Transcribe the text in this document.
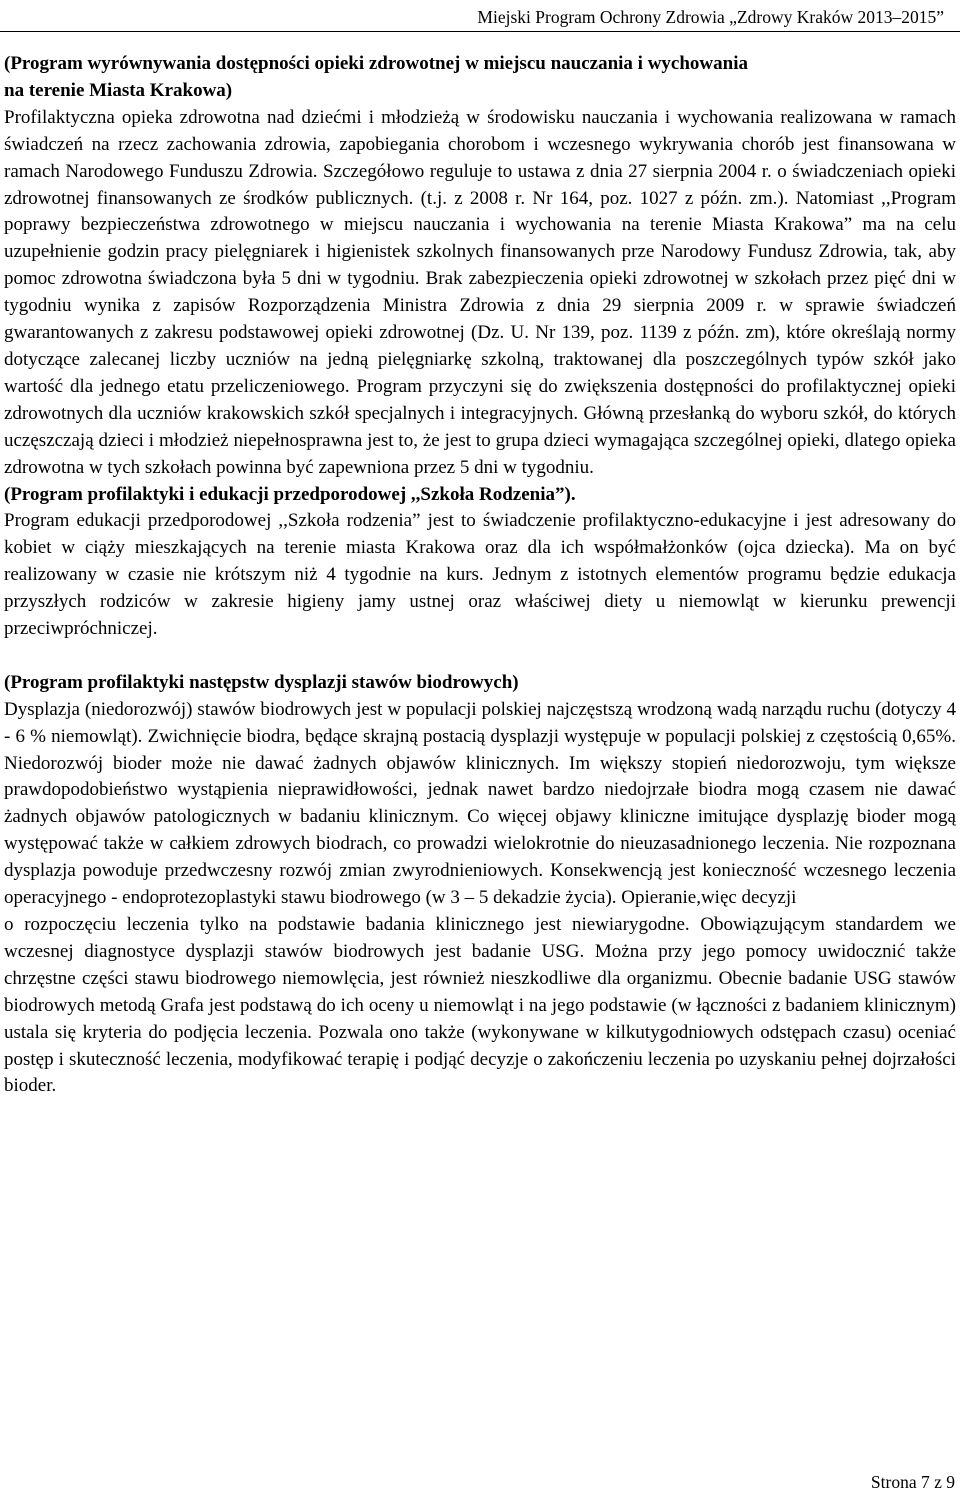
Miejski Program Ochrony Zdrowia „Zdrowy Kraków 2013–2015”

(Program wyrównywania dostępności opieki zdrowotnej w miejscu nauczania i wychowania
na terenie Miasta Krakowa)

Profilaktyczna opieka zdrowotna nad dziećmi i młodzieżą w środowisku nauczania i wychowania realizowana w ramach świadczeń na rzecz zachowania zdrowia, zapobiegania chorobom i wczesnego wykrywania chorób jest finansowana w ramach Narodowego Funduszu Zdrowia. Szczegółowo reguluje to ustawa z dnia 27 sierpnia 2004 r. o świadczeniach opieki zdrowotnej finansowanych ze środków publicznych. (t.j. z 2008 r. Nr 164, poz. 1027 z późn. zm.). Natomiast ,,Program poprawy bezpieczeństwa zdrowotnego w miejscu nauczania i wychowania na terenie Miasta Krakowa” ma na celu uzupełnienie godzin pracy pielęgniarek i higienistek szkolnych finansowanych prze Narodowy Fundusz Zdrowia, tak, aby pomoc zdrowotna świadczona była 5 dni w tygodniu. Brak zabezpieczenia opieki zdrowotnej w szkołach przez pięć dni w tygodniu wynika z zapisów Rozporządzenia Ministra Zdrowia z dnia 29 sierpnia 2009 r. w sprawie świadczeń gwarantowanych z zakresu podstawowej opieki zdrowotnej (Dz. U. Nr 139, poz. 1139 z późn. zm), które określają normy dotyczące zalecanej liczby uczniów na jedną pielęgniarkę szkolną, traktowanej dla poszczególnych typów szkół jako wartość dla jednego etatu przeliczeniowego. Program przyczyni się do zwiększenia dostępności do profilaktycznej opieki zdrowotnych dla uczniów krakowskich szkół specjalnych i integracyjnych. Główną przesłanką do wyboru szkół, do których uczęszczają dzieci i młodzież niepełnosprawna jest to, że jest to grupa dzieci wymagająca szczególnej opieki, dlatego opieka zdrowotna w tych szkołach powinna być zapewniona przez 5 dni w tygodniu.

(Program profilaktyki i edukacji przedporodowej ,,Szkoła Rodzenia”).

Program edukacji przedporodowej ,,Szkoła rodzenia” jest to świadczenie profilaktyczno-edukacyjne i jest adresowany do kobiet w ciąży mieszkających na terenie miasta Krakowa oraz dla ich współmałżonków (ojca dziecka). Ma on być realizowany w czasie nie krótszym niż 4 tygodnie na kurs. Jednym z istotnych elementów programu będzie edukacja przyszłych rodziców w zakresie higieny jamy ustnej oraz właściwej diety u niemowląt w kierunku prewencji przeciwpróchniczej.

(Program profilaktyki następstw dysplazji stawów biodrowych)

Dysplazja (niedorozwój) stawów biodrowych jest w populacji polskiej najczęstszą wrodzoną wadą narządu ruchu (dotyczy 4 - 6 % niemowląt). Zwichnięcie biodra, będące skrajną postacią dysplazji występuje w populacji polskiej z częstością 0,65%. Niedorozwój bioder może nie dawać żadnych objawów klinicznych. Im większy stopień niedorozwoju, tym większe prawdopodobieństwo wystąpienia nieprawidłowości, jednak nawet bardzo niedojrzałe biodra mogą czasem nie dawać żadnych objawów patologicznych w badaniu klinicznym. Co więcej objawy kliniczne imitujące dysplazję bioder mogą występować także w całkiem zdrowych biodrach, co prowadzi wielokrotnie do nieuzasadnionego leczenia. Nie rozpoznana dysplazja powoduje przedwczesny rozwój zmian zwyrodnieniowych. Konsekwencją jest konieczność wczesnego leczenia operacyjnego - endoprotezoplastyki stawu biodrowego (w 3 – 5 dekadzie życia). Opieranie,więc decyzji

o rozpoczęciu leczenia tylko na podstawie badania klinicznego jest niewiarygodne. Obowiązującym standardem we wczesnej diagnostyce dysplazji stawów biodrowych jest badanie USG. Można przy jego pomocy uwidocznić także chrzęstne części stawu biodrowego niemowlęcia, jest również nieszkodliwe dla organizmu. Obecnie badanie USG stawów biodrowych metodą Grafa jest podstawą do ich oceny u niemowląt i na jego podstawie (w łączności z badaniem klinicznym) ustala się kryteria do podjęcia leczenia. Pozwala ono także (wykonywane w kilkutygodniowych odstępach czasu) oceniać postęp i skuteczność leczenia, modyfikować terapię i podjąć decyzje o zakończeniu leczenia po uzyskaniu pełnej dojrzałości bioder.

Strona 7 z 9
